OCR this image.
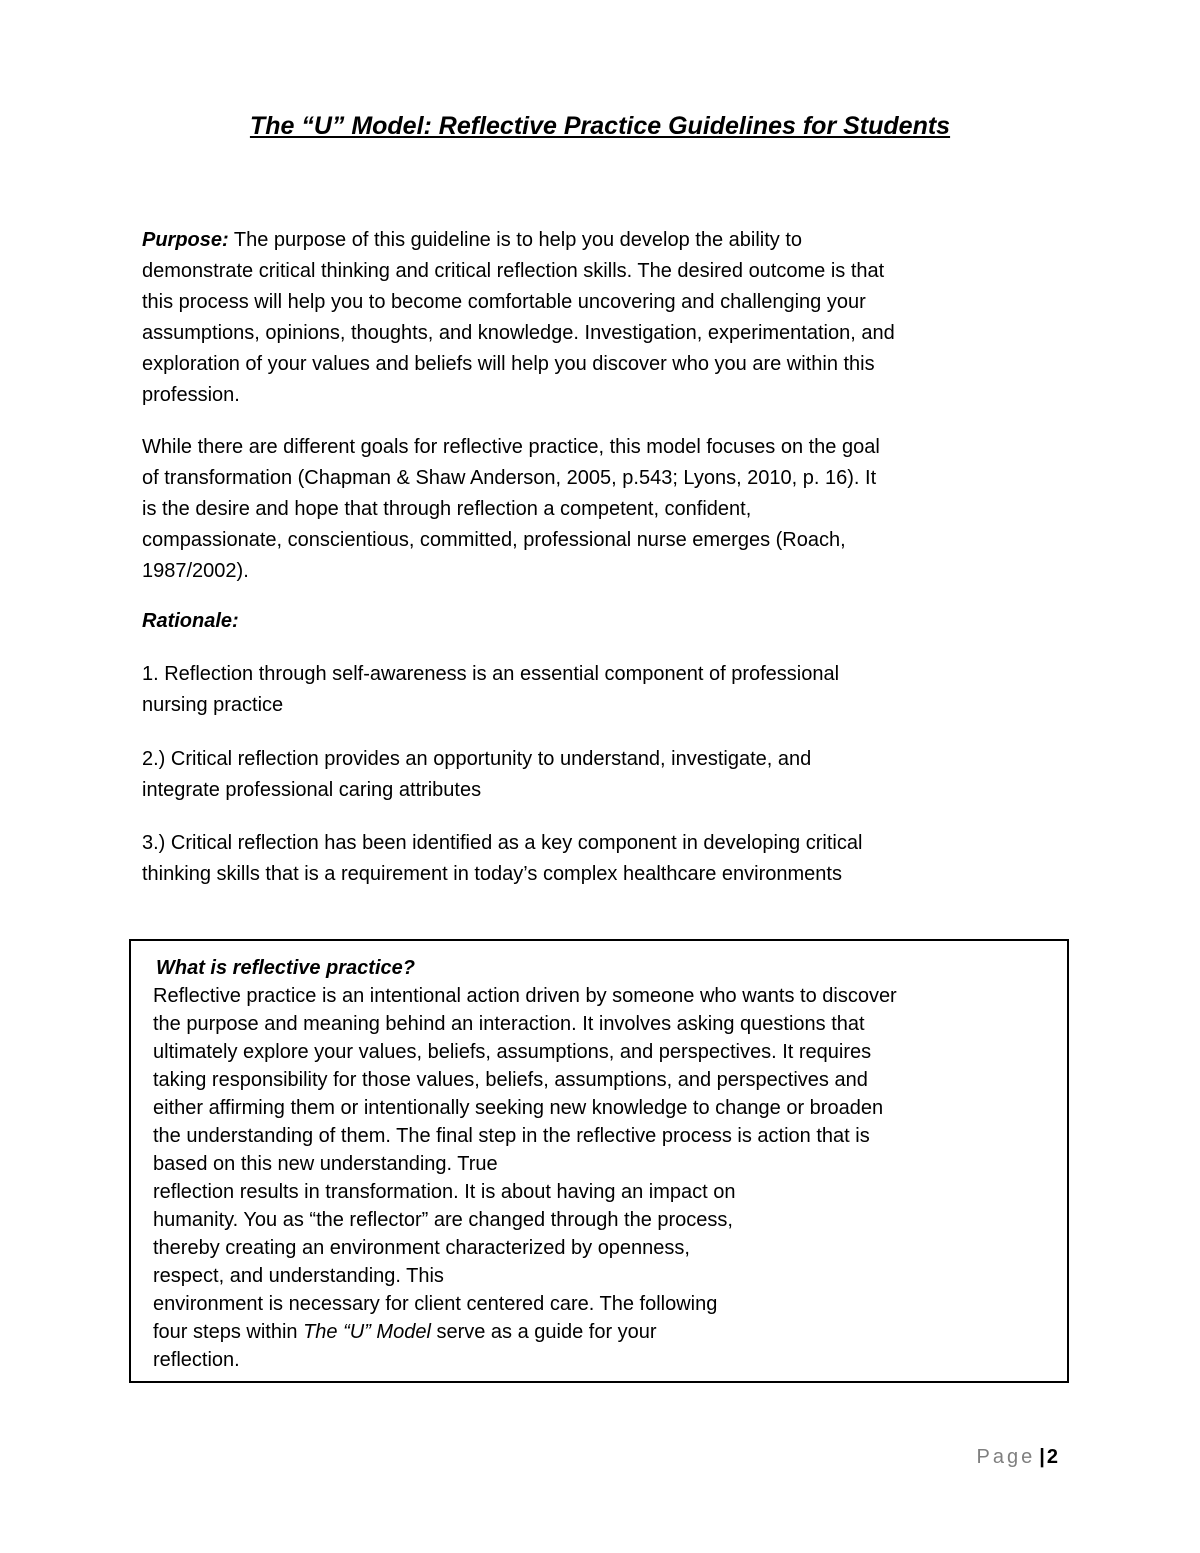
The “U” Model: Reflective Practice Guidelines for Students

Purpose: The purpose of this guideline is to help you develop the ability to
demonstrate critical thinking and critical reflection skills. The desired outcome is that
this process will help you to become comfortable uncovering and challenging your
assumptions, opinions, thoughts, and knowledge. Investigation, experimentation, and
exploration of your values and beliefs will help you discover who you are within this
profession.

While there are different goals for reflective practice, this model focuses on the goal
of transformation (Chapman & Shaw Anderson, 2005, p.543; Lyons, 2010, p. 16). It
is the desire and hope that through reflection a competent, confident,
compassionate, conscientious, committed, professional nurse emerges (Roach,
1987/2002).

Rationale:

1. Reflection through self-awareness is an essential component of professional
nursing practice

2.) Critical reflection provides an opportunity to understand, investigate, and
integrate professional caring attributes

3.) Critical reflection has been identified as a key component in developing critical
thinking skills that is a requirement in today’s complex healthcare environments

What is reflective practice?
Reflective practice is an intentional action driven by someone who wants to discover
the purpose and meaning behind an interaction. It involves asking questions that
ultimately explore your values, beliefs, assumptions, and perspectives. It requires
taking responsibility for those values, beliefs, assumptions, and perspectives and
either affirming them or intentionally seeking new knowledge to change or broaden
the understanding of them. The final step in the reflective process is action that is
based on this new understanding. True
reflection results in transformation. It is about having an impact on
humanity. You as “the reflector” are changed through the process,
thereby creating an environment characterized by openness,
respect, and understanding. This
environment is necessary for client centered care. The following
four steps within The “U” Model serve as a guide for your
reflection.
Page | 2
